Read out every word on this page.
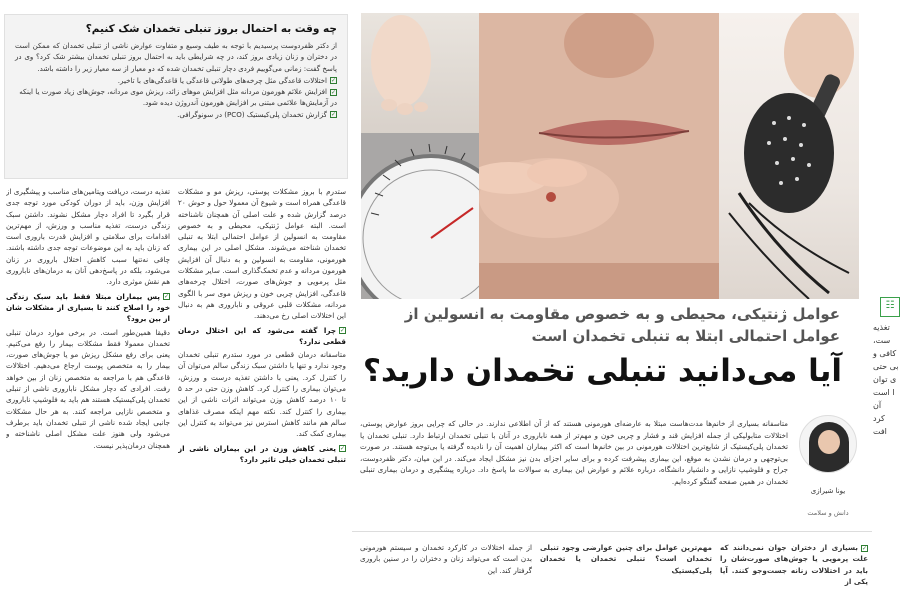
چه وقت به احتمال بروز تنبلی تخمدان شک کنیم؟
از دکتر ظفردوست پرسیدیم با توجه به طیف وسیع و متفاوت عوارض ناشی از تنبلی تخمدان که ممکن است در دختران و زنان زیادی بروز کند، در چه شرایطی باید به احتمال بروز تنبلی تخمدان بیشتر شک کرد؟ وی در پاسخ گفت: زمانی می‌گوییم فردی دچار تنبلی تخمدان شده که دو معیار از سه معیار زیر را داشته باشد.
✓اختلالات قاعدگی مثل چرخه‌های طولانی قاعدگی یا قاعدگی‌های با تاخیر.
✓افزایش علائم هورمون مردانه مثل افزایش موهای زائد، ریزش موی مردانه، جوش‌های زیاد صورت یا اینکه در آزمایش‌ها علائمی مبتنی بر افزایش هورمون آندروژن دیده شود.
✓گزارش تخمدان پلی‌کیستیک (PCO) در سونوگرافی.

تغذیه درست، دریافت ویتامین‌های مناسب و پیشگیری از افزایش وزن، باید از دوران کودکی مورد توجه جدی قرار بگیرد تا افراد دچار مشکل نشوند. داشتن سبک زندگی درست، تغذیه مناسب و ورزش، از مهم‌ترین اقدامات برای سلامتی و افزایش قدرت باروری است که زنان باید به این موضوعات توجه جدی داشته باشند. چاقی نه‌تنها سبب کاهش اختلال باروری در زنان می‌شود، بلکه در پاسخ‌دهی آنان به درمان‌های ناباروری هم نقش موثری دارد.

✓پس بیماران مبتلا فقط باید سبک زندگی خود را اصلاح کنند تا بسیاری از مشکلات شان از بین برود؟

دقیقا همین‌طور است. در برخی موارد درمان تنبلی تخمدان معمولا فقط مشکلات بیمار را رفع می‌کنیم. یعنی برای رفع مشکل ریزش مو یا جوش‌های صورت، بیمار را به متخصص پوست ارجاع می‌دهیم. اختلالات قاعدگی هم با مراجعه به متخصص زنان از بین خواهد رفت. افرادی که دچار مشکل ناباروری ناشی از تنبلی تخمدان پلی‌کیستیک هستند هم باید به فلوشیپ ناباروری و متخصص نازایی مراجعه کنند. به هر حال مشکلات جانبی ایجاد شده ناشی از تنبلی تخمدان باید برطرف می‌شود ولی هنوز علت مشکل اصلی ناشناخته و همچنان درمان‌پذیر نیست.

ستدرم با بروز مشکلات پوستی، ریزش مو و مشکلات قاعدگی همراه است و شیوع آن معمولا حول و حوش ۲۰ درصد گزارش شده و علت اصلی آن همچنان ناشناخته است. البته عوامل ژنتیکی، محیطی و به خصوص مقاومت به انسولین از عوامل احتمالی ابتلا به تنبلی تخمدان شناخته می‌شوند. مشکل اصلی در این بیماری هورمونی، مقاومت به انسولین و به دنبال آن افزایش هورمون مردانه و عدم تخمک‌گذاری است. سایر مشکلات مثل پرمویی و جوش‌های صورت، اختلال چرخه‌های قاعدگی، افزایش چربی خون و ریزش موی سر با الگوی مردانه، مشکلات قلبی عروقی و ناباروری هم به دنبال این اختلالات اصلی رخ می‌دهند.

✓چرا گفته می‌شود که این اختلال درمان قطعی ندارد؟

متاسفانه درمان قطعی در مورد ستدرم تنبلی تخمدان وجود ندارد و تنها با داشتن سبک زندگی سالم می‌توان آن را کنترل کرد. یعنی با داشتن تغذیه درست و ورزش، می‌توان بیماری را کنترل کرد. کاهش وزن حتی در حد ۵ تا ۱۰ درصد کاهش وزن می‌تواند اثرات ناشی از این بیماری را کنترل کند. نکته مهم اینکه مصرف غذاهای سالم هم مانند کاهش استرس نیز می‌تواند به کنترل این بیماری کمک کند.

✓یعنی کاهش وزن در این بیماران ناشی از تنبلی تخمدان خیلی تاثیر دارد؟
عوامل ژنتیکی، محیطی و به خصوص مقاومت به انسولین از عوامل احتمالی ابتلا به تنبلی تخمدان است
آیا می‌دانید تنبلی تخمدان دارید؟
یونا شیرازی
دانش و سلامت
متاسفانه بسیاری از خانم‌ها مدت‌هاست مبتلا به عارضه‌ای هورمونی هستند که از آن اطلاعی ندارند. در حالی که چرایی بروز عوارض پوستی، اختلالات متابولیکی از جمله افزایش قند و فشار و چربی خون و مهم‌تر از همه ناباروری در آنان با تنبلی تخمدان ارتباط دارد. تنبلی تخمدان یا تخمدان پلی‌کیستیک از شایع‌ترین اختلالات هورمونی در بین خانم‌ها است که اکثر بیماران اهمیت آن را نادیده گرفته یا بی‌توجه هستند. در صورت بی‌توجهی و درمان نشدن به موقع، این بیماری پیشرفت کرده و برای سایر اجزای بدن نیز مشکل ایجاد می‌کند. در این میان، دکتر ظفردوست، جراح و فلوشیپ نازایی و دانشیار دانشگاه، درباره علائم و عوارض این بیماری به سوالات ما پاسخ داد. درباره پیشگیری و درمان بیماری تنبلی تخمدان در همین صفحه گفتگو کرده‌ایم.
✓بسیاری از دختران جوان نمی‌دانند که علت پرمویی یا جوش‌های صورت‌شان را باید در اختلالات زنانه جست‌وجو کنند. آیا یکی از
مهم‌ترین عوامل برای چنین عوارضی وجود تنبلی تخمدان است؟ تنبلی تخمدان یا تخمدان پلی‌کیستیک
از جمله اختلالات در کارکرد تخمدان و سیستم هورمونی بدن است که می‌تواند زنان و دختران را در سنین باروری گرفتار کند. این
☷
تغذیه
ست،
کافی و
بی حتی
ی توان
ا است
آن
کرد
افت
